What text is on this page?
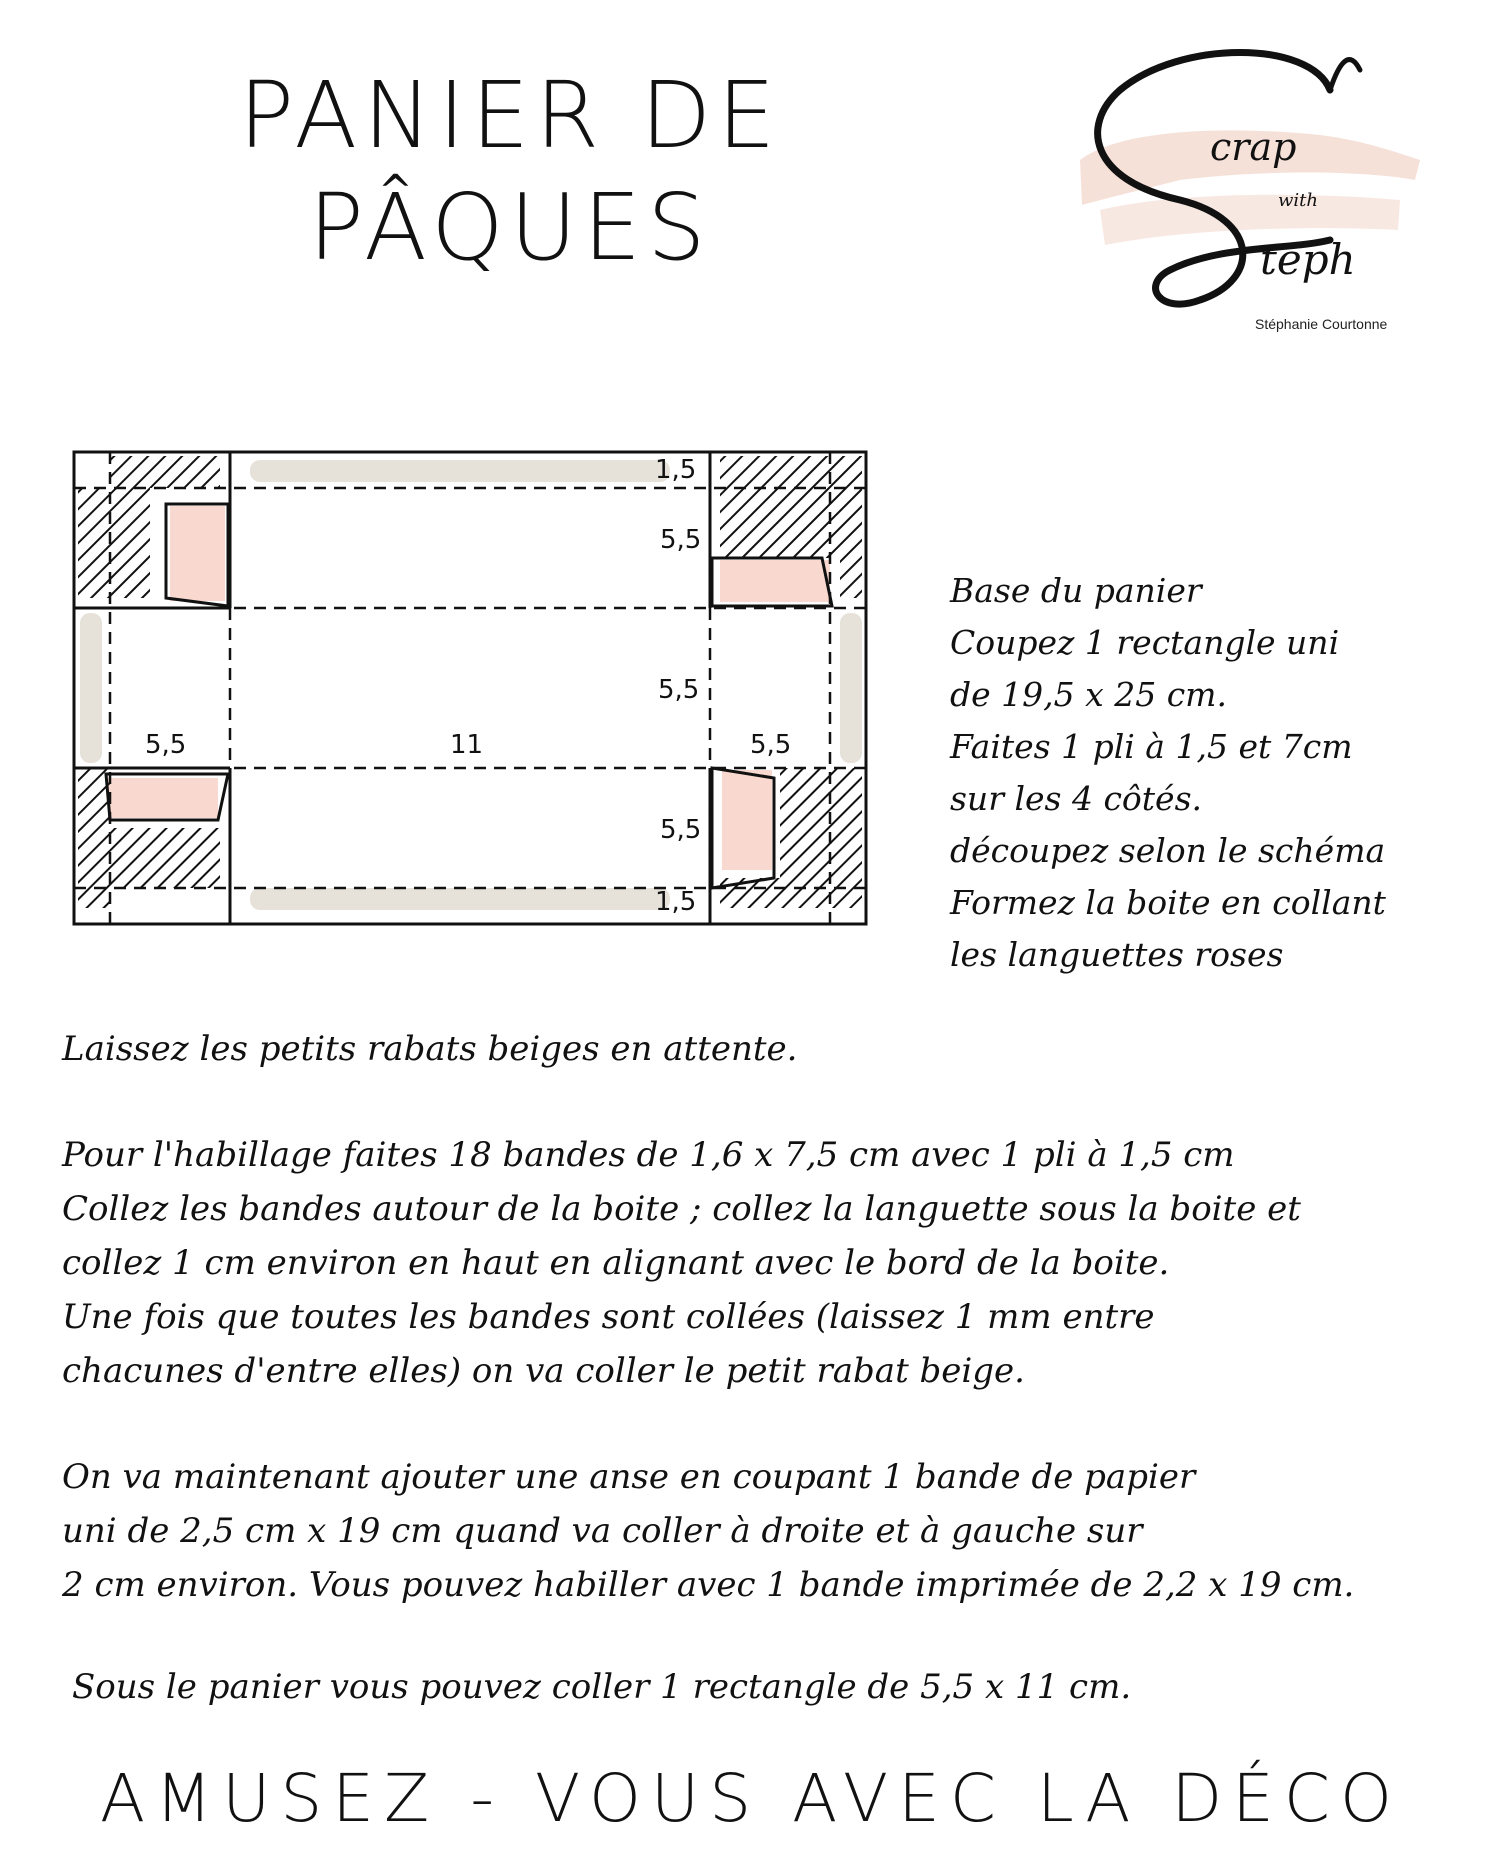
PANIER DE
PÂQUES
crap
with
teph
Stéphanie Courtonne
1,5
5,5
5,5
5,5	11	5,5
5,5
1,5
Base du panier
Coupez 1 rectangle uni
de 19,5 x 25 cm.
Faites 1 pli à 1,5 et 7cm
sur les 4 côtés.
découpez selon le schéma
Formez la boite en collant
les languettes roses
Laissez les petits rabats beiges en attente.
Pour l'habillage faites 18 bandes de 1,6 x 7,5 cm avec 1 pli à 1,5 cm
Collez les bandes autour de la boite ; collez la languette sous la boite et
collez 1 cm environ en haut en alignant avec le bord de la boite.
Une fois que toutes les bandes sont collées (laissez 1 mm entre
chacunes d'entre elles) on va coller le petit rabat beige.
On va maintenant ajouter une anse en coupant 1 bande de papier
uni de 2,5 cm x 19 cm quand va coller à droite et à gauche sur
2 cm environ. Vous pouvez habiller avec 1 bande imprimée de 2,2 x 19 cm.
Sous le panier vous pouvez coller 1 rectangle de 5,5 x 11 cm.
AMUSEZ - VOUS AVEC LA DÉCO
